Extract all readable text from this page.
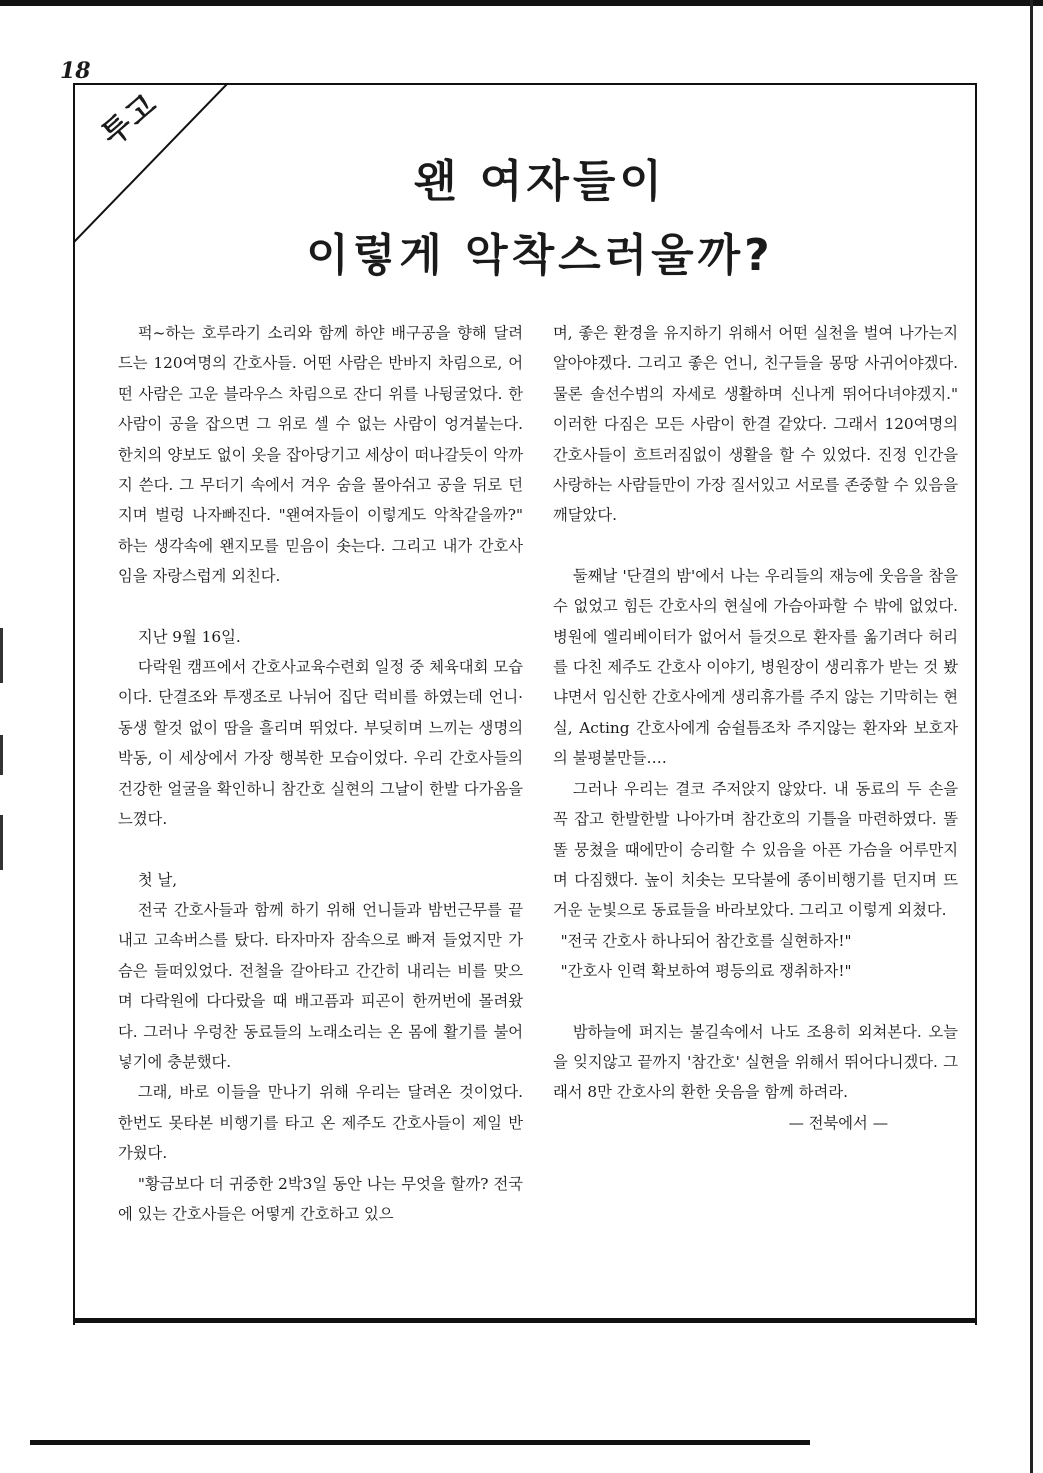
18
투고
왠 여자들이
이렇게 악착스러울까?

퍽~하는 호루라기 소리와 함께 하얀 배구공을 향해 달려드는 120여명의 간호사들. 어떤 사람은 반바지 차림으로, 어떤 사람은 고운 블라우스 차림으로 잔디 위를 나뒹굴었다. 한 사람이 공을 잡으면 그 위로 셀 수 없는 사람이 엉겨붙는다. 한치의 양보도 없이 옷을 잡아당기고 세상이 떠나갈듯이 악까지 쓴다. 그 무더기 속에서 겨우 숨을 몰아쉬고 공을 뒤로 던지며 벌렁 나자빠진다. "왠여자들이 이렇게도 악착같을까?" 하는 생각속에 왠지모를 믿음이 솟는다. 그리고 내가 간호사임을 자랑스럽게 외친다.

지난 9월 16일.

다락원 캠프에서 간호사교육수련회 일정 중 체육대회 모습이다. 단결조와 투쟁조로 나뉘어 집단 럭비를 하였는데 언니·동생 할것 없이 땀을 흘리며 뛰었다. 부딪히며 느끼는 생명의 박동, 이 세상에서 가장 행복한 모습이었다. 우리 간호사들의 건강한 얼굴을 확인하니 참간호 실현의 그날이 한발 다가옴을 느꼈다.

첫 날,

전국 간호사들과 함께 하기 위해 언니들과 밤번근무를 끝내고 고속버스를 탔다. 타자마자 잠속으로 빠져 들었지만 가슴은 들떠있었다. 전철을 갈아타고 간간히 내리는 비를 맞으며 다락원에 다다랐을 때 배고픔과 피곤이 한꺼번에 몰려왔다. 그러나 우렁찬 동료들의 노래소리는 온 몸에 활기를 불어넣기에 충분했다.

그래, 바로 이들을 만나기 위해 우리는 달려온 것이었다. 한번도 못타본 비행기를 타고 온 제주도 간호사들이 제일 반가웠다.

"황금보다 더 귀중한 2박3일 동안 나는 무엇을 할까? 전국에 있는 간호사들은 어떻게 간호하고 있으

며, 좋은 환경을 유지하기 위해서 어떤 실천을 벌여 나가는지 알아야겠다. 그리고 좋은 언니, 친구들을 몽땅 사귀어야겠다. 물론 솔선수범의 자세로 생활하며 신나게 뛰어다녀야겠지." 이러한 다짐은 모든 사람이 한결 같았다. 그래서 120여명의 간호사들이 흐트러짐없이 생활을 할 수 있었다. 진정 인간을 사랑하는 사람들만이 가장 질서있고 서로를 존중할 수 있음을 깨달았다.

둘째날 '단결의 밤'에서 나는 우리들의 재능에 웃음을 참을 수 없었고 힘든 간호사의 현실에 가슴아파할 수 밖에 없었다. 병원에 엘리베이터가 없어서 들것으로 환자를 옮기려다 허리를 다친 제주도 간호사 이야기, 병원장이 생리휴가 받는 것 봤냐면서 임신한 간호사에게 생리휴가를 주지 않는 기막히는 현실, Acting 간호사에게 숨쉴틈조차 주지않는 환자와 보호자의 불평불만들….

그러나 우리는 결코 주저앉지 않았다. 내 동료의 두 손을 꼭 잡고 한발한발 나아가며 참간호의 기틀을 마련하였다. 똘똘 뭉쳤을 때에만이 승리할 수 있음을 아픈 가슴을 어루만지며 다짐했다. 높이 치솟는 모닥불에 종이비행기를 던지며 뜨거운 눈빛으로 동료들을 바라보았다. 그리고 이렇게 외쳤다.

"전국 간호사 하나되어 참간호를 실현하자!"

"간호사 인력 확보하여 평등의료 쟁취하자!"

밤하늘에 퍼지는 불길속에서 나도 조용히 외쳐본다. 오늘을 잊지않고 끝까지 '참간호' 실현을 위해서 뛰어다니겠다. 그래서 8만 간호사의 환한 웃음을 함께 하려라.

— 전북에서 —
